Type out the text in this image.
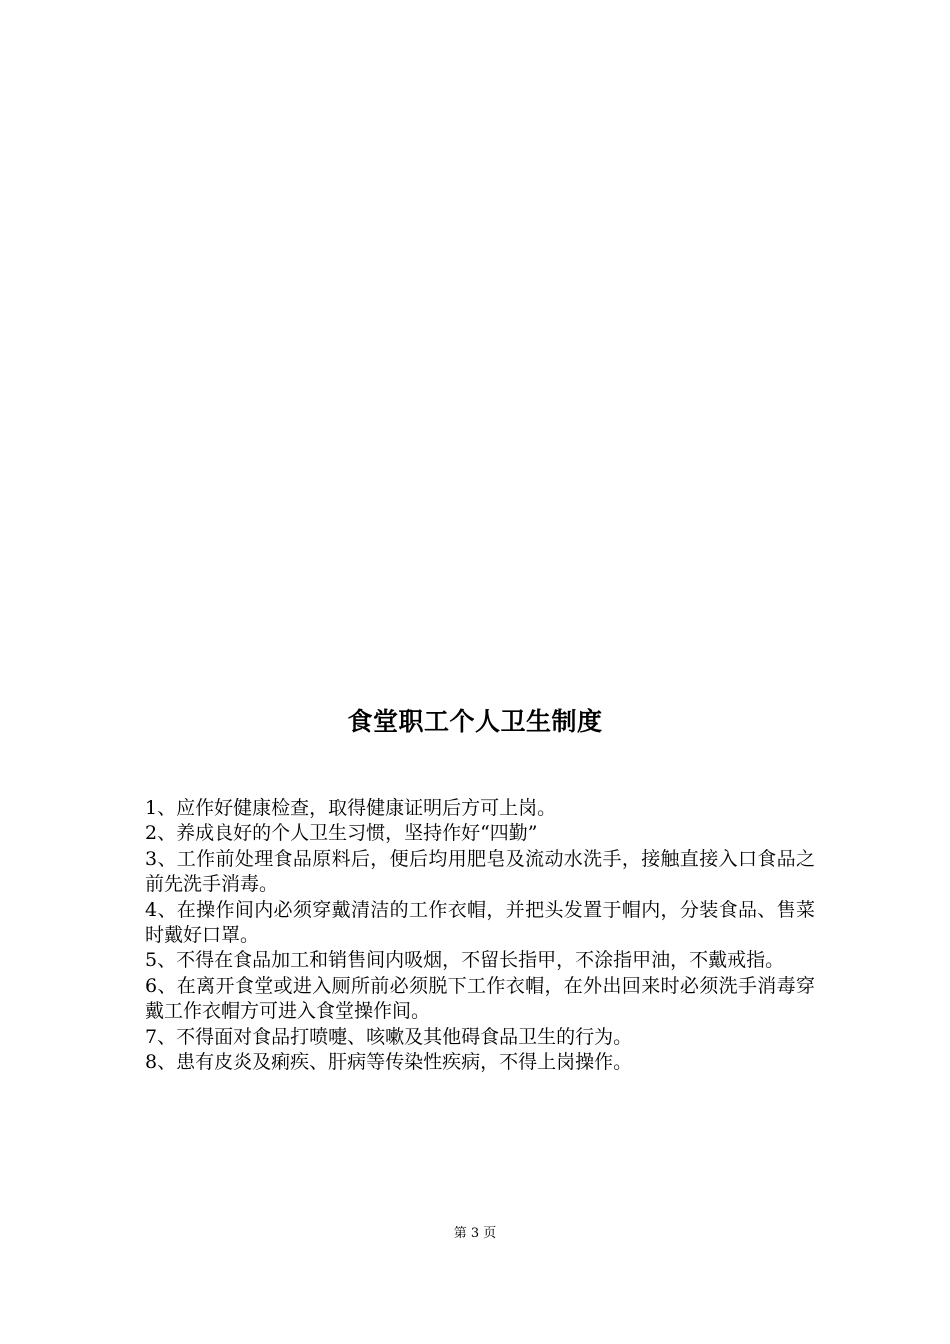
食堂职工个人卫生制度

1、应作好健康检查，取得健康证明后方可上岗。

2、养成良好的个人卫生习惯，坚持作好“四勤”

3、工作前处理食品原料后，便后均用肥皂及流动水洗手，接触直接入口食品之前先洗手消毒。

4、在操作间内必须穿戴清洁的工作衣帽，并把头发置于帽内，分装食品、售菜时戴好口罩。

5、不得在食品加工和销售间内吸烟，不留长指甲，不涂指甲油，不戴戒指。

6、在离开食堂或进入厕所前必须脱下工作衣帽，在外出回来时必须洗手消毒穿戴工作衣帽方可进入食堂操作间。

7、不得面对食品打喷嚏、咳嗽及其他碍食品卫生的行为。

8、患有皮炎及痢疾、肝病等传染性疾病，不得上岗操作。

第 3 页
